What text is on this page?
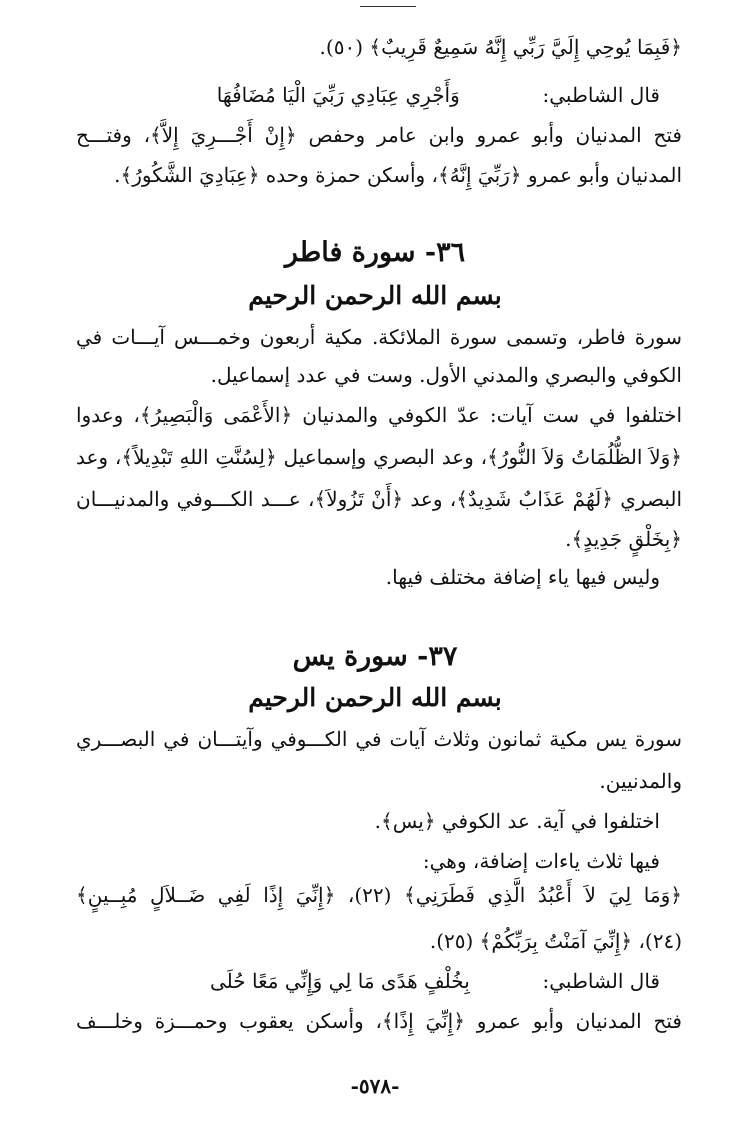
﴿فَبِمَا يُوحِي إِلَيَّ رَبِّي إِنَّهُ سَمِيعٌ قَرِيبٌ﴾ (٥٠).
قال الشاطبي:  وَأَجْرِي عِبَادِي رَبِّيَ الْيَا مُضَافُهَا
فتح المدنيان وأبو عمرو وابن عامر وحفص ﴿إِنْ أَجْـــرِيَ إِلاَّ﴾، وفتـــح
المدنيان وأبو عمرو ﴿رَبِّيَ إِنَّهُ﴾، وأسكن حمزة وحده ﴿عِبَادِيَ الشَّكُورُ﴾.
٣٦- سورة فاطر
بسم الله الرحمن الرحيم
سورة فاطر، وتسمى سورة الملائكة. مكية أربعون وخمـــس آيـــات في
الكوفي والبصري والمدني الأول. وست في عدد إسماعيل.
اختلفوا في ست آيات: عدّ الكوفي والمدنيان ﴿الأَعْمَى وَالْبَصِيرُ﴾، وعدوا
﴿وَلاَ الظُّلُمَاتُ وَلاَ النُّورُ﴾، وعد البصري وإسماعيل ﴿لِسُنَّتِ اللهِ تَبْدِيلاً﴾، وعد
البصري ﴿لَهُمْ عَذَابٌ شَدِيدٌ﴾، وعد ﴿أَنْ تَزُولاَ﴾، عـــد الكـــوفي والمدنيـــان
﴿بِخَلْقٍ جَدِيدٍ﴾.
وليس فيها ياء إضافة مختلف فيها.
٣٧- سورة يس
بسم الله الرحمن الرحيم
سورة يس مكية ثمانون وثلاث آيات في الكـــوفي وآيتـــان في البصـــري
والمدنيين.
اختلفوا في آية. عد الكوفي ﴿يس﴾.
فيها ثلاث ياءات إضافة، وهي:
﴿وَمَا لِيَ لاَ أَعْبُدُ الَّذِي فَطَرَنِي﴾ (٢٢)، ﴿إِنِّيَ إِذًا لَفِي ضَــلاَلٍ مُبِــينٍ﴾
(٢٤)، ﴿إِنِّيَ آمَنْتُ بِرَبِّكُمْ﴾ (٢٥).
قال الشاطبي:  بِخُلْفٍ هَدًى مَا لِي وَإِنِّي مَعًا حُلَى
فتح المدنيان وأبو عمرو ﴿إِنِّيَ إِذًا﴾، وأسكن يعقوب وحمـــزة وخلـــف
-٥٧٨-
